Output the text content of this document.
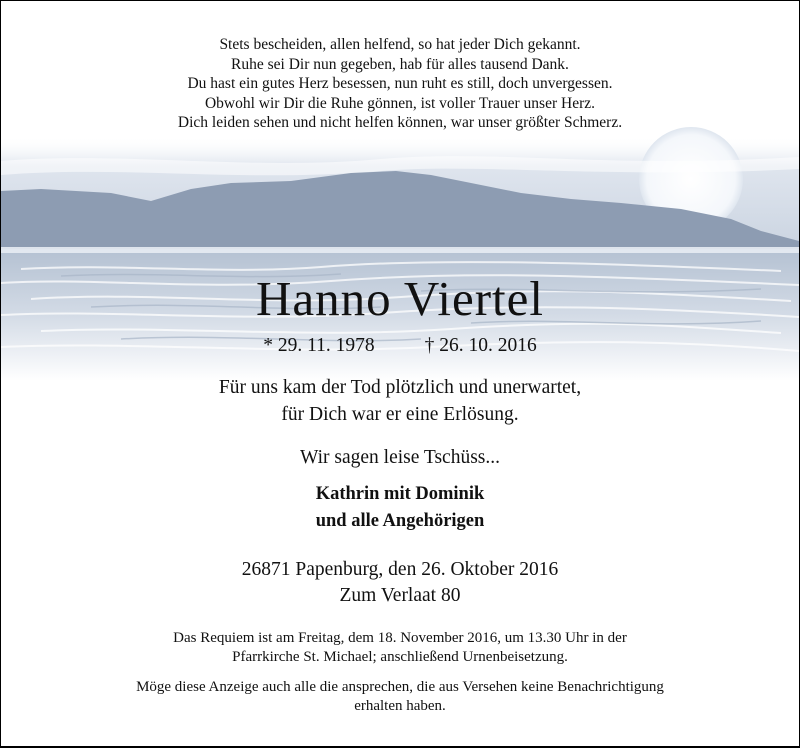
Stets bescheiden, allen helfend, so hat jeder Dich gekannt.
Ruhe sei Dir nun gegeben, hab für alles tausend Dank.
Du hast ein gutes Herz besessen, nun ruht es still, doch unvergessen.
Obwohl wir Dir die Ruhe gönnen, ist voller Trauer unser Herz.
Dich leiden sehen und nicht helfen können, war unser größter Schmerz.
Hanno Viertel
* 29. 11. 1978	† 26. 10. 2016
Für uns kam der Tod plötzlich und unerwartet,
für Dich war er eine Erlösung.
Wir sagen leise Tschüss...
Kathrin mit Dominik
und alle Angehörigen
26871 Papenburg, den 26. Oktober 2016
Zum Verlaat 80
Das Requiem ist am Freitag, dem 18. November 2016, um 13.30 Uhr in der
Pfarrkirche St. Michael; anschließend Urnenbeisetzung.
Möge diese Anzeige auch alle die ansprechen, die aus Versehen keine Benachrichtigung
erhalten haben.
